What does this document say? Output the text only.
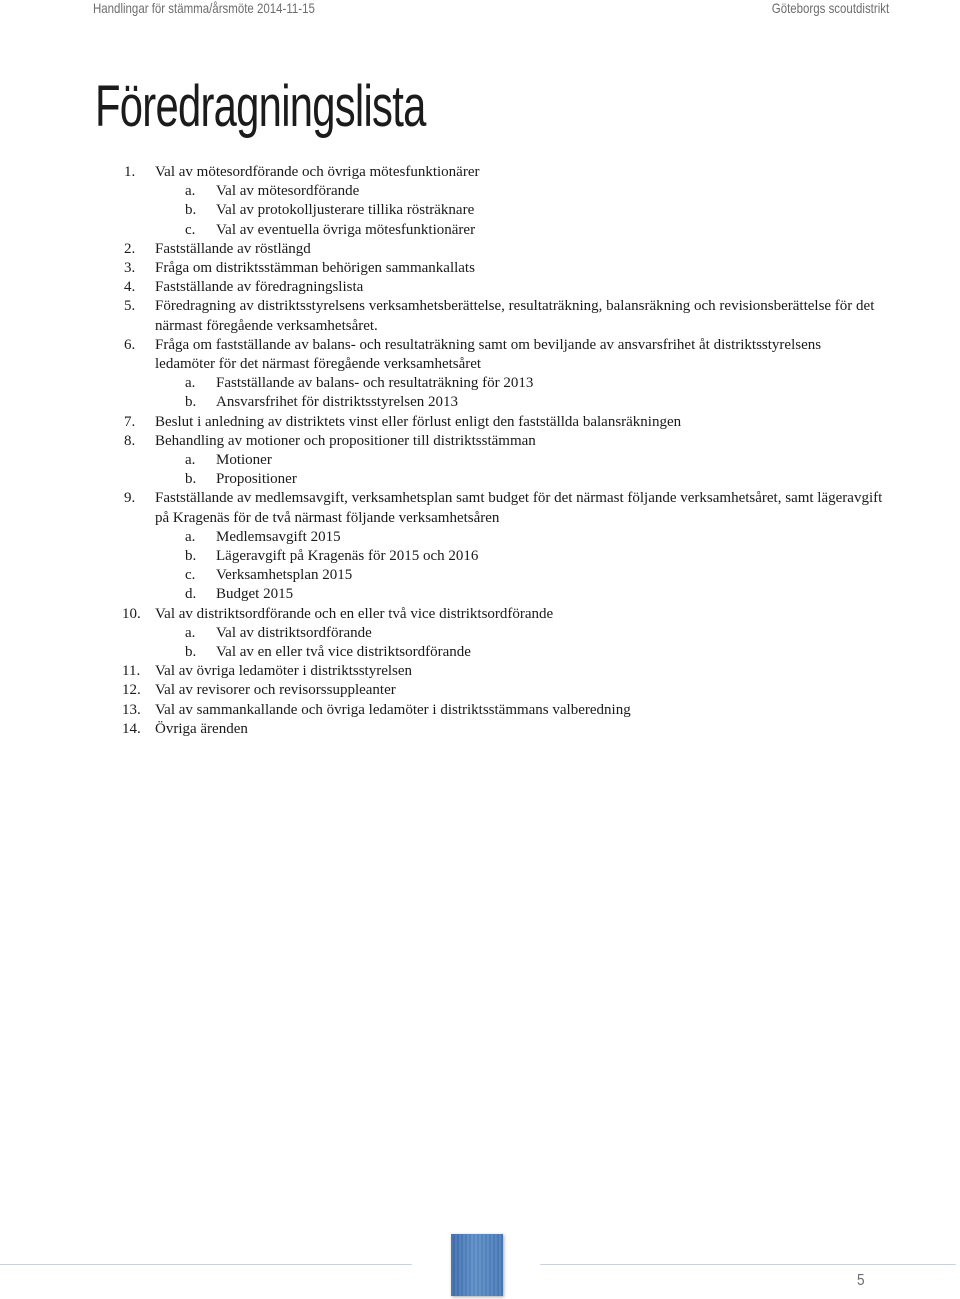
Handlingar för stämma/årsmöte 2014-11-15	Göteborgs scoutdistrikt
Föredragningslista
1. Val av mötesordförande och övriga mötesfunktionärer
a. Val av mötesordförande
b. Val av protokolljusterare tillika rösträknare
c. Val av eventuella övriga mötesfunktionärer
2. Fastställande av röstlängd
3. Fråga om distriktsstämman behörigen sammankallats
4. Fastställande av föredragningslista
5. Föredragning av distriktsstyrelsens verksamhetsberättelse, resultaträkning, balansräkning och revisionsberättelse för det närmast föregående verksamhetsåret.
6. Fråga om fastställande av balans- och resultaträkning samt om beviljande av ansvarsfrihet åt distriktsstyrelsens ledamöter för det närmast föregående verksamhetsåret
a. Fastställande av balans- och resultaträkning för 2013
b. Ansvarsfrihet för distriktsstyrelsen 2013
7. Beslut i anledning av distriktets vinst eller förlust enligt den fastställda balansräkningen
8. Behandling av motioner och propositioner till distriktsstämman
a. Motioner
b. Propositioner
9. Fastställande av medlemsavgift, verksamhetsplan samt budget för det närmast följande verksamhetsåret, samt lägeravgift på Kragenäs för de två närmast följande verksamhetsåren
a. Medlemsavgift 2015
b. Lägeravgift på Kragenäs för 2015 och 2016
c. Verksamhetsplan 2015
d. Budget 2015
10. Val av distriktsordförande och en eller två vice distriktsordförande
a. Val av distriktsordförande
b. Val av en eller två vice distriktsordförande
11. Val av övriga ledamöter i distriktsstyrelsen
12. Val av revisorer och revisorssuppleanter
13. Val av sammankallande och övriga ledamöter i distriktsstämmans valberedning
14. Övriga ärenden
5
